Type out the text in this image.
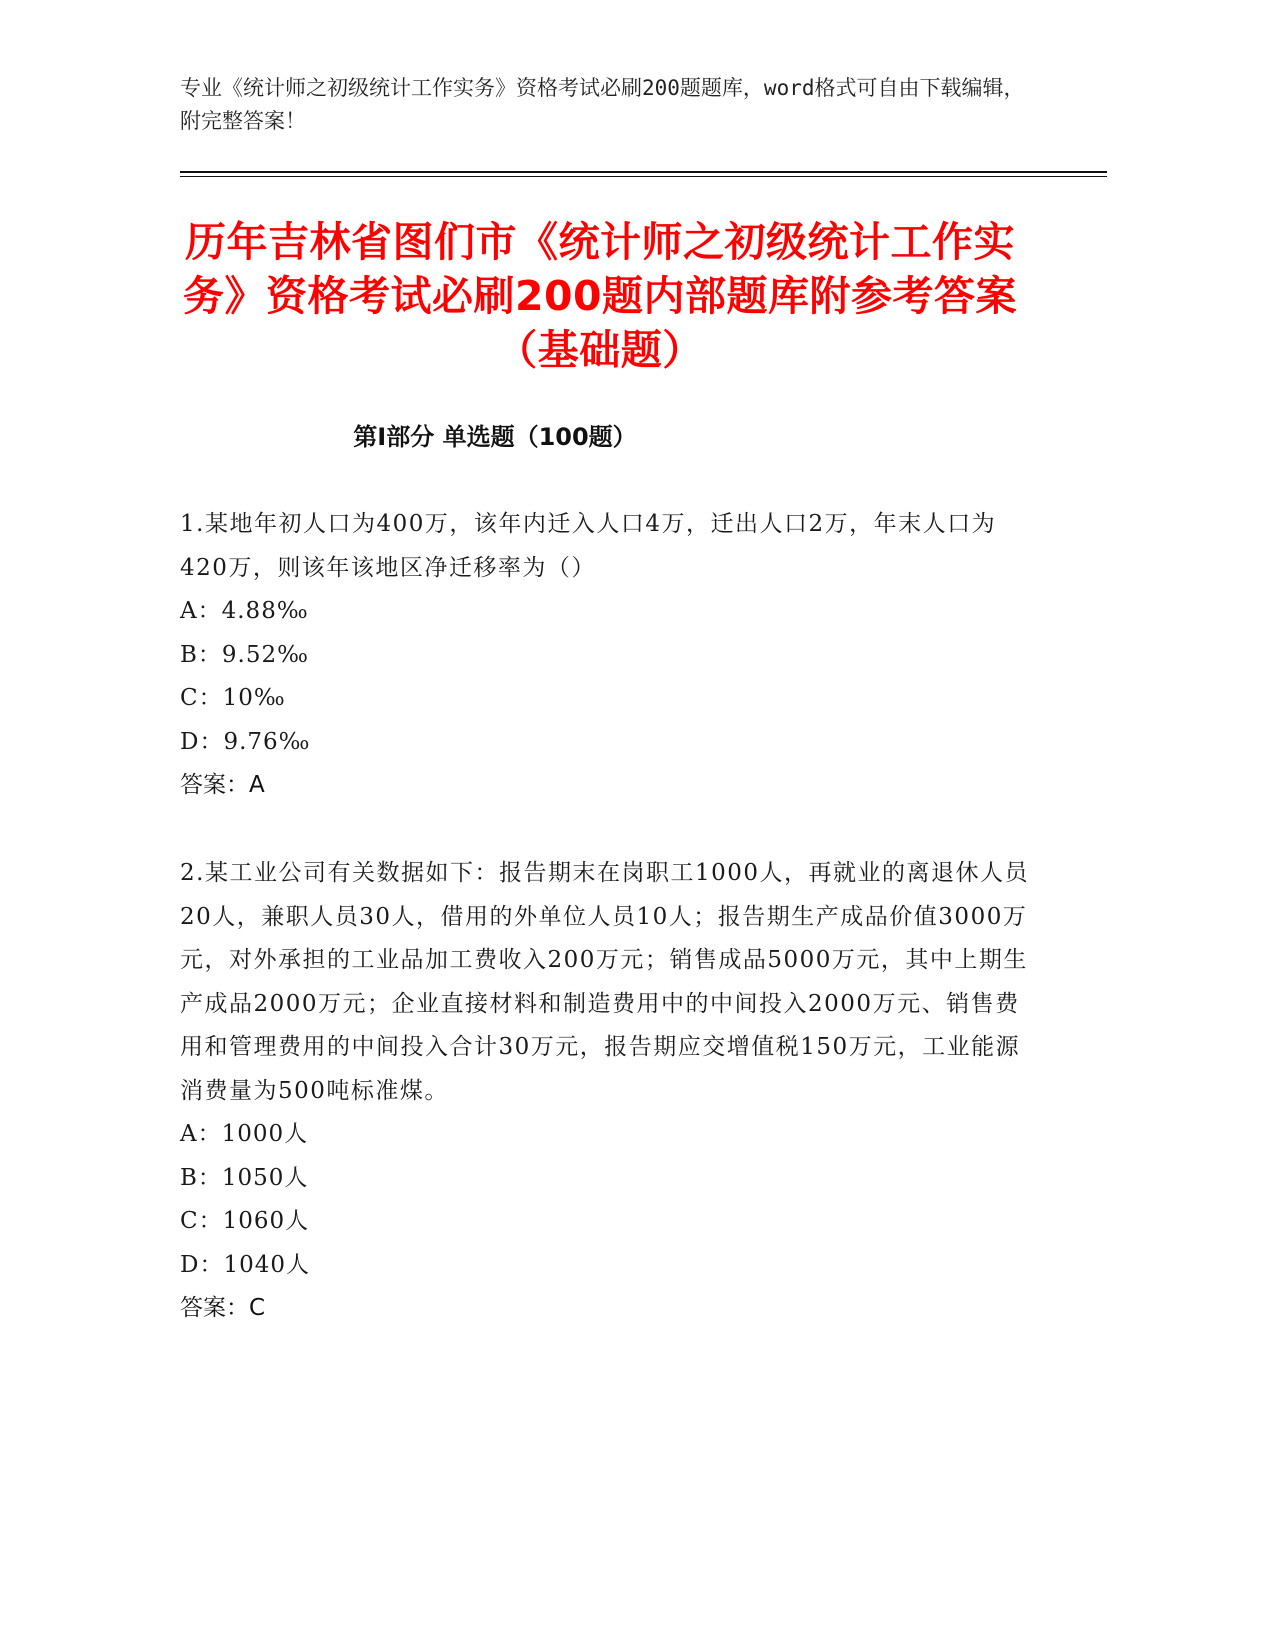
专业《统计师之初级统计工作实务》资格考试必刷200题题库，word格式可自由下载编辑，附完整答案！
历年吉林省图们市《统计师之初级统计工作实务》资格考试必刷200题内部题库附参考答案（基础题）
第Ⅰ部分 单选题（100题）

1.某地年初人口为400万，该年内迁入人口4万，迁出人口2万，年末人口为420万，则该年该地区净迁移率为（）

A：4.88‰

B：9.52‰

C：10‰

D：9.76‰

答案：A

2.某工业公司有关数据如下：报告期末在岗职工1000人，再就业的离退休人员20人，兼职人员30人，借用的外单位人员10人；报告期生产成品价值3000万元，对外承担的工业品加工费收入200万元；销售成品5000万元，其中上期生产成品2000万元；企业直接材料和制造费用中的中间投入2000万元、销售费用和管理费用的中间投入合计30万元，报告期应交增值税150万元，工业能源消费量为500吨标准煤。

A：1000人

B：1050人

C：1060人

D：1040人

答案：C
